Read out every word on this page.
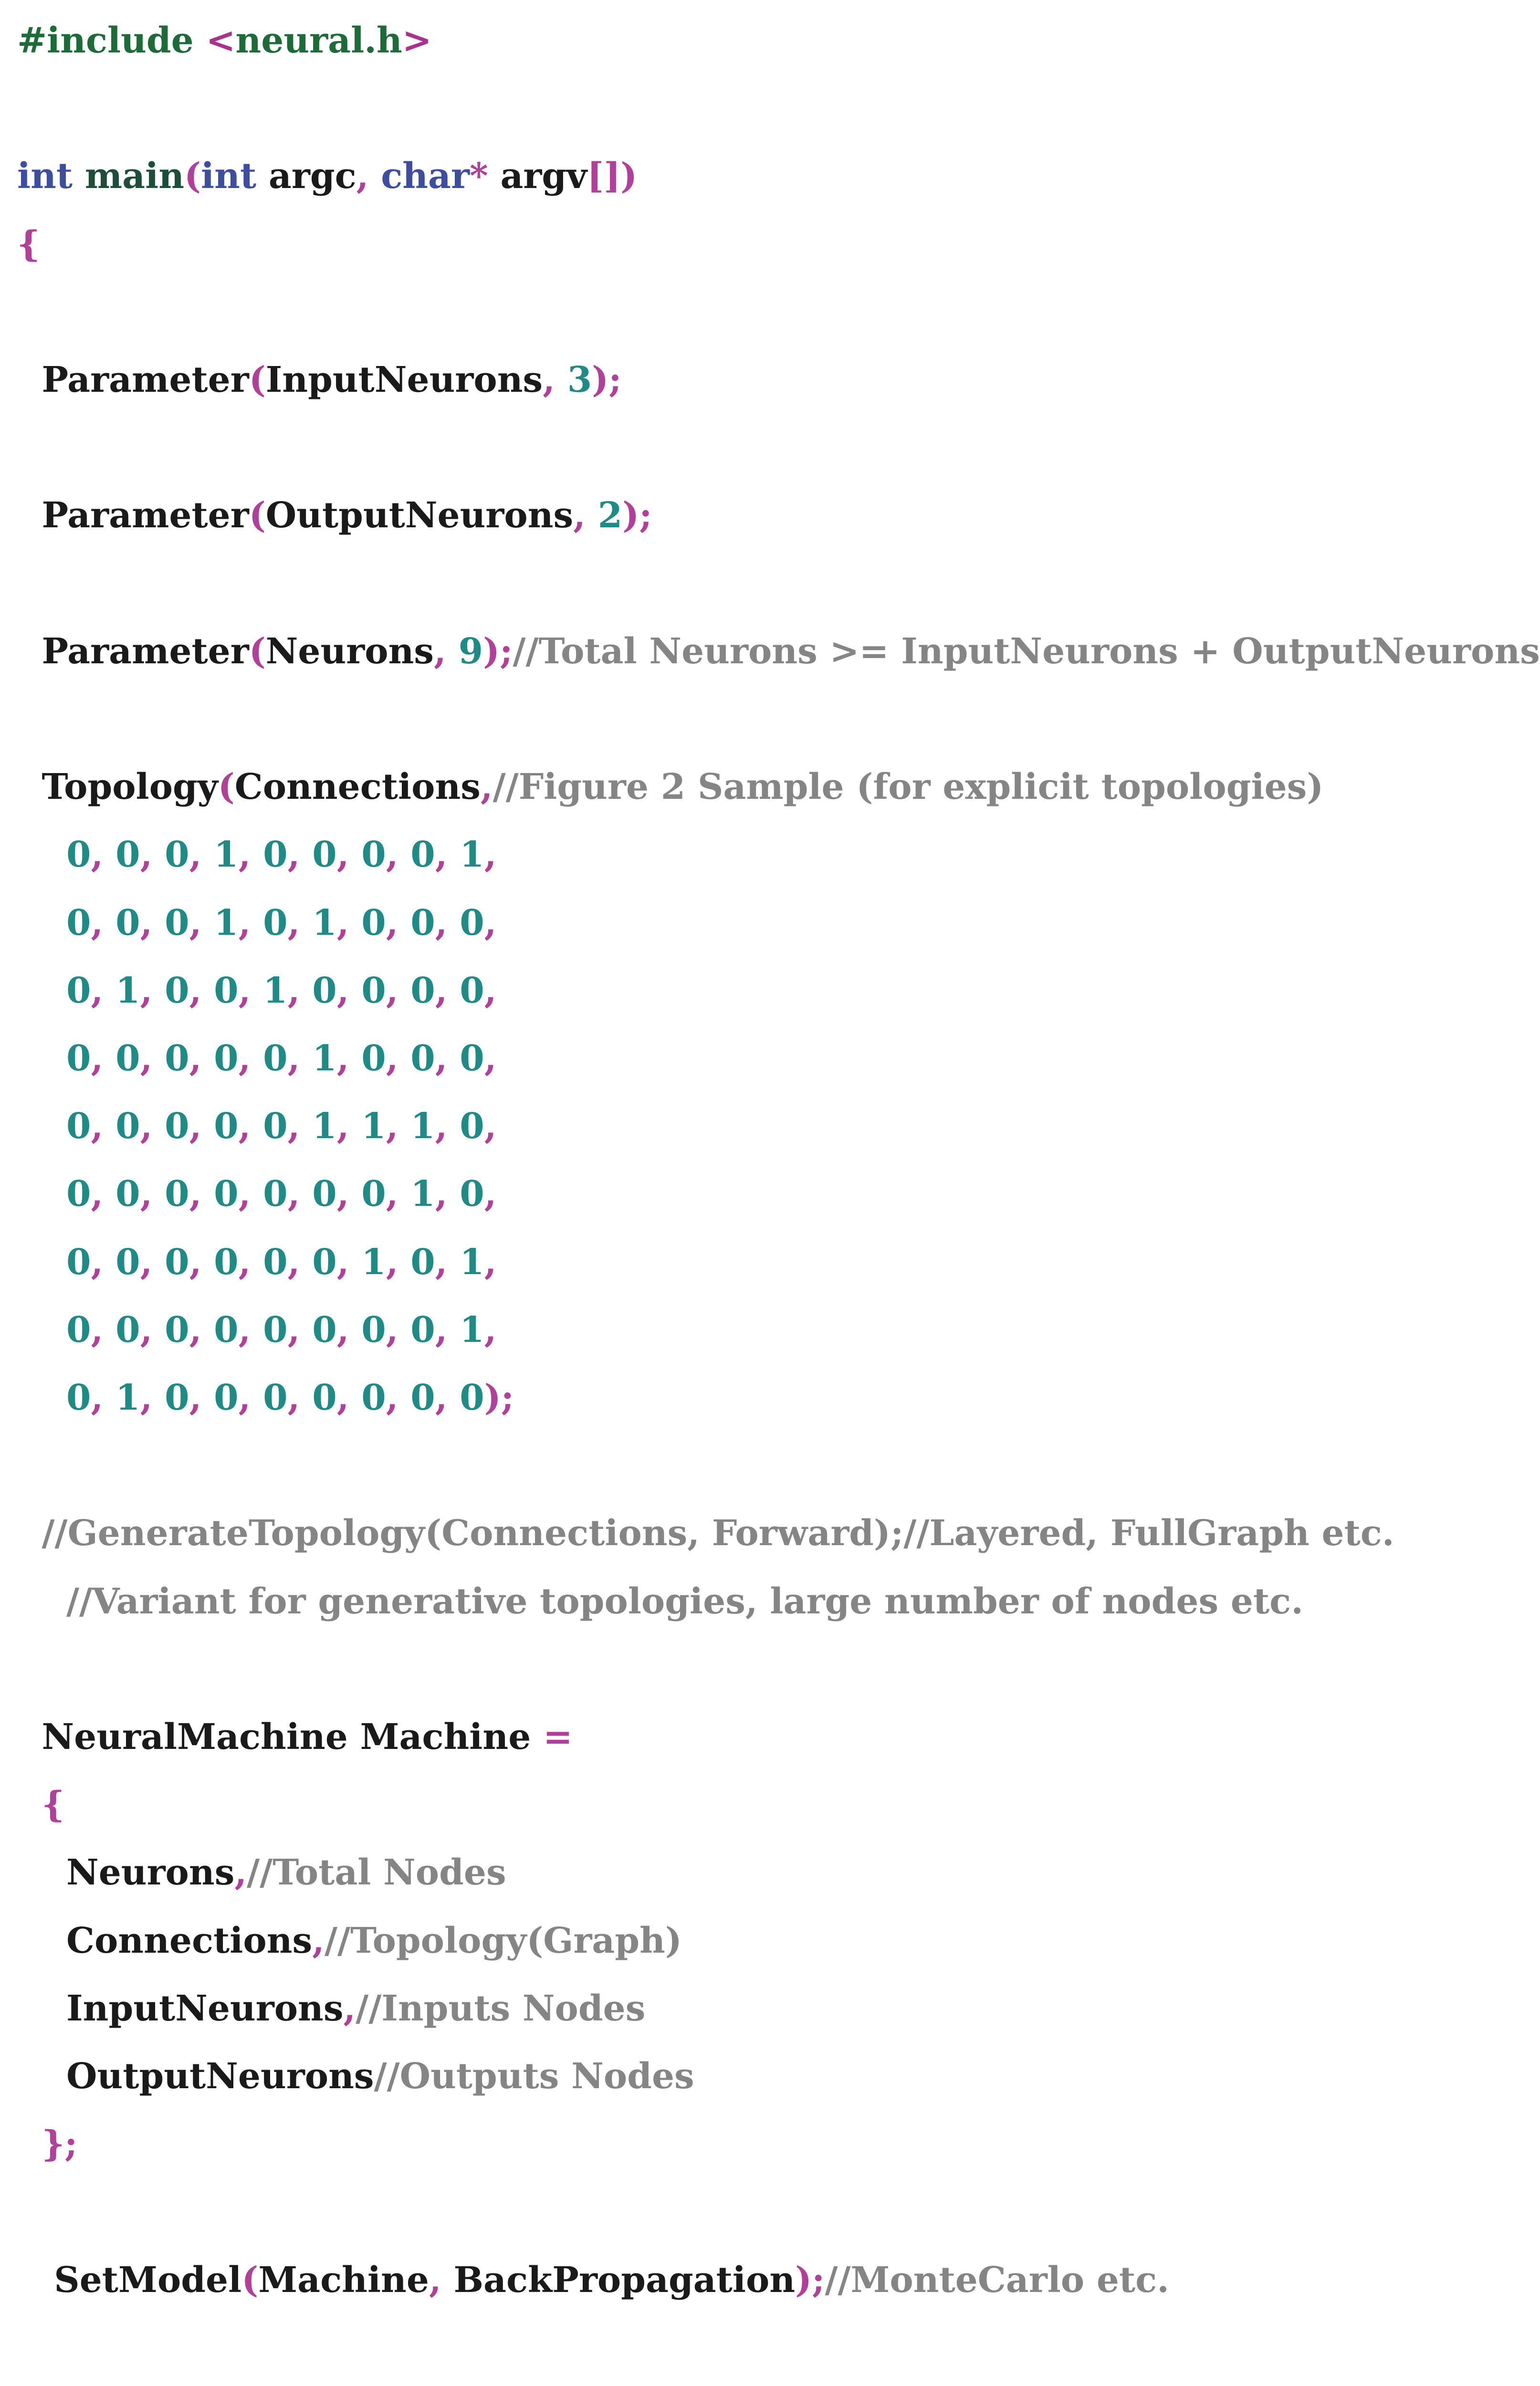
#include <neural.h>
int main(int argc, char* argv[])
{
Parameter(InputNeurons, 3);
Parameter(OutputNeurons, 2);
Parameter(Neurons, 9);//Total Neurons >= InputNeurons + OutputNeurons
Topology(Connections,//Figure 2 Sample (for explicit topologies)
0, 0, 0, 1, 0, 0, 0, 0, 1,
0, 0, 0, 1, 0, 1, 0, 0, 0,
0, 1, 0, 0, 1, 0, 0, 0, 0,
0, 0, 0, 0, 0, 1, 0, 0, 0,
0, 0, 0, 0, 0, 1, 1, 1, 0,
0, 0, 0, 0, 0, 0, 0, 1, 0,
0, 0, 0, 0, 0, 0, 1, 0, 1,
0, 0, 0, 0, 0, 0, 0, 0, 1,
0, 1, 0, 0, 0, 0, 0, 0, 0);
//GenerateTopology(Connections, Forward);//Layered, FullGraph etc.
//Variant for generative topologies, large number of nodes etc.
NeuralMachine Machine =
{
Neurons,//Total Nodes
Connections,//Topology(Graph)
InputNeurons,//Inputs Nodes
OutputNeurons//Outputs Nodes
};
SetModel(Machine, BackPropagation);//MonteCarlo etc.
